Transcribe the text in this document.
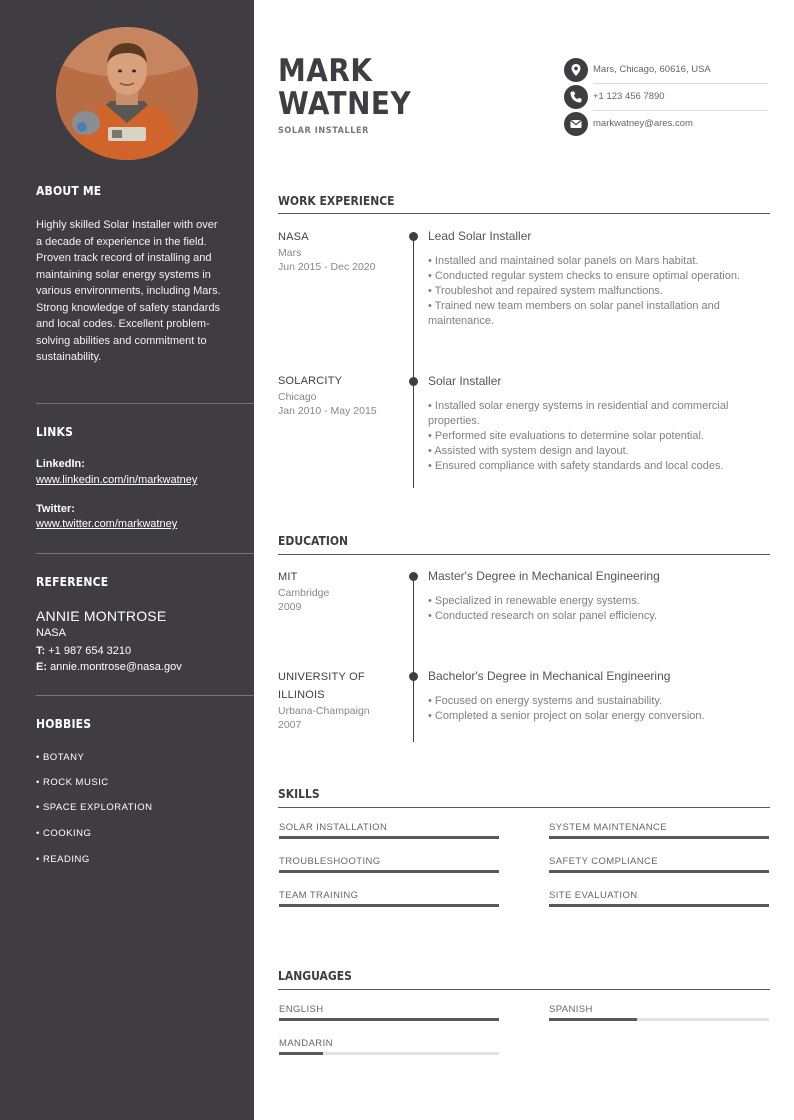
ABOUT ME
Highly skilled Solar Installer with over a decade of experience in the field. Proven track record of installing and maintaining solar energy systems in various environments, including Mars. Strong knowledge of safety standards and local codes. Excellent problem-solving abilities and commitment to sustainability.
LINKS
LinkedIn:
www.linkedin.com/in/markwatney
Twitter:
www.twitter.com/markwatney
REFERENCE
ANNIE MONTROSE
NASA
T: +1 987 654 3210
E: annie.montrose@nasa.gov
HOBBIES
• BOTANY
• ROCK MUSIC
• SPACE EXPLORATION
• COOKING
• READING
MARK
WATNEY
SOLAR INSTALLER
Mars, Chicago, 60616, USA
+1 123 456 7890
markwatney@ares.com
WORK EXPERIENCE
NASA
Mars
Jun 2015 - Dec 2020
Lead Solar Installer
• Installed and maintained solar panels on Mars habitat.
• Conducted regular system checks to ensure optimal operation.
• Troubleshot and repaired system malfunctions.
• Trained new team members on solar panel installation and maintenance.
SOLARCITY
Chicago
Jan 2010 - May 2015
Solar Installer
• Installed solar energy systems in residential and commercial properties.
• Performed site evaluations to determine solar potential.
• Assisted with system design and layout.
• Ensured compliance with safety standards and local codes.
EDUCATION
MIT
Cambridge
2009
Master's Degree in Mechanical Engineering
• Specialized in renewable energy systems.
• Conducted research on solar panel efficiency.
UNIVERSITY OF
ILLINOIS
Urbana-Champaign
2007
Bachelor's Degree in Mechanical Engineering
• Focused on energy systems and sustainability.
• Completed a senior project on solar energy conversion.
SKILLS
SOLAR INSTALLATION	SYSTEM MAINTENANCE
TROUBLESHOOTING	SAFETY COMPLIANCE
TEAM TRAINING	SITE EVALUATION
LANGUAGES
ENGLISH	SPANISH
MANDARIN
